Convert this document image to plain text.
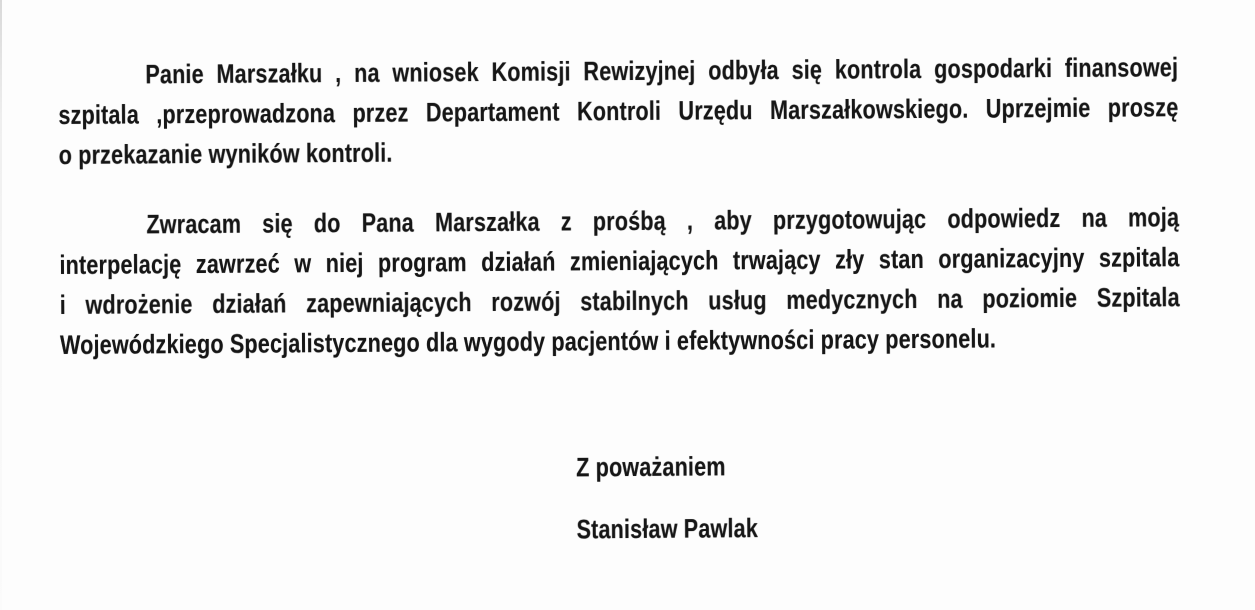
Panie Marszałku , na wniosek Komisji Rewizyjnej odbyła się kontrola gospodarki finansowej
szpitala ,przeprowadzona przez Departament Kontroli Urzędu Marszałkowskiego. Uprzejmie proszę
o przekazanie wyników kontroli.
Zwracam się do Pana Marszałka z prośbą , aby przygotowując odpowiedz na moją
interpelację zawrzeć w niej program działań zmieniających trwający zły stan organizacyjny szpitala
i wdrożenie działań zapewniających rozwój stabilnych usług medycznych na poziomie Szpitala
Wojewódzkiego Specjalistycznego dla wygody pacjentów i efektywności pracy personelu.
Z poważaniem
Stanisław Pawlak
